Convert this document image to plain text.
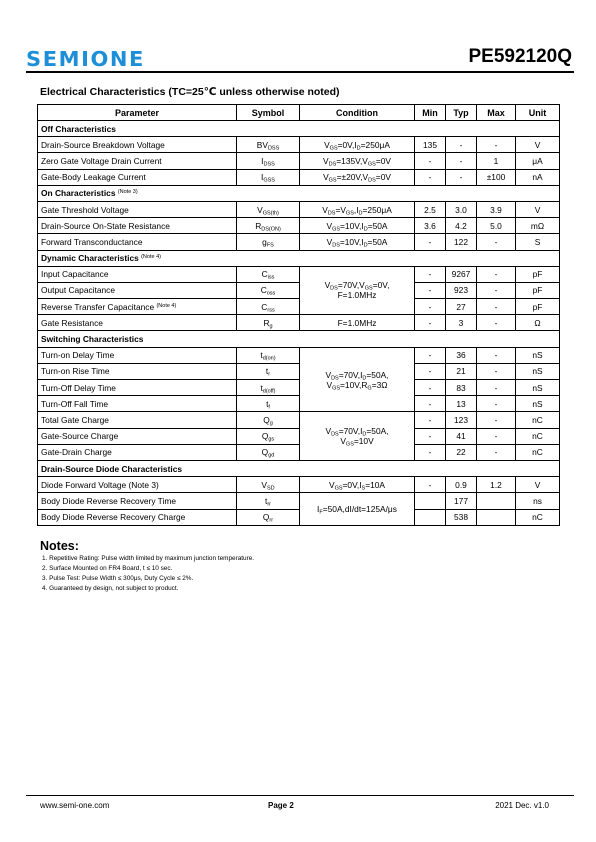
SEMIONE	PE592120Q
Electrical Characteristics (TC=25℃ unless otherwise noted)
Parameter	Symbol	Condition	Min	Typ	Max	Unit
Off Characteristics						
Drain-Source Breakdown Voltage	$BV_{DSS}$	$V_{GS}=0V,I_D=250\mu A$	135	-	-	V
Zero Gate Voltage Drain Current	$I_{DSS}$	$V_{DS}=135V,V_{GS}=0V$	-	-	1	μA
Gate-Body Leakage Current	$I_{GSS}$	$V_{GS}=\pm 20V,V_{DS}=0V$	-	-	±100	nA
On Characteristics $^{(Note 3)}$
Gate Threshold Voltage	$V_{GS(th)}$	$V_{DS}=V_{GS},I_D=250\mu A$	2.5	3.0	3.9	V
Drain-Source On-State Resistance	$R_{DS(ON)}$	$V_{GS}=10V,I_D=50A$	3.6	4.2	5.0	mΩ
Forward Transconductance	$g_{FS}$	$V_{DS}=10V,I_D=50A$	-	122	-	S
Dynamic Characteristics $^{(Note 4)}$
Input Capacitance	$C_{iss}$	$V_{DS}=70V,V_{GS}=0V$,
F=1.0MHz	-	9267	-	pF
Output Capacitance	$C_{oss}$		-	923	-	pF
Reverse Transfer Capacitance $^{(Note 4)}$	$C_{rss}$		-	27	-	pF
Gate Resistance	$R_g$	F=1.0MHz	-	3	-	Ω
Switching Characteristics						
Turn-on Delay Time	$t_{d(on)}$	$V_{DS}=70V,I_D=50A$,
$V_{GS}=10V,R_G=3\Omega$	-	36	-	nS
Turn-on Rise Time	$t_r$		-	21	-	nS
Turn-Off Delay Time	$t_{d(off)}$		-	83	-	nS
Turn-Off Fall Time	$t_f$		-	13	-	nS
Total Gate Charge	$Q_g$	$V_{DS}=70V,I_D=50A$,
$V_{GS}=10V$	-	123	-	nC
Gate-Source Charge	$Q_{gs}$		-	41	-	nC
Gate-Drain Charge	$Q_{gd}$		-	22	-	nC
Drain-Source Diode Characteristics						
Diode Forward Voltage (Note 3)	$V_{SD}$	$V_{GS}=0V,I_S=10A$	-	0.9	1.2	V
Body Diode Reverse Recovery Time	$t_{rr}$	$I_F=50A,dI/dt=125A/\mu s$		177		ns
Body Diode Reverse Recovery Charge	$Q_{rr}$			538		nC
Notes:
1. Repetitive Rating: Pulse width limited by maximum junction temperature.
2. Surface Mounted on FR4 Board, t ≤ 10 sec.
3. Pulse Test: Pulse Width ≤ 300μs, Duty Cycle ≤ 2%.
4. Guaranteed by design, not subject to product.
www.semi-one.com	Page 2	2021 Dec. v1.0
